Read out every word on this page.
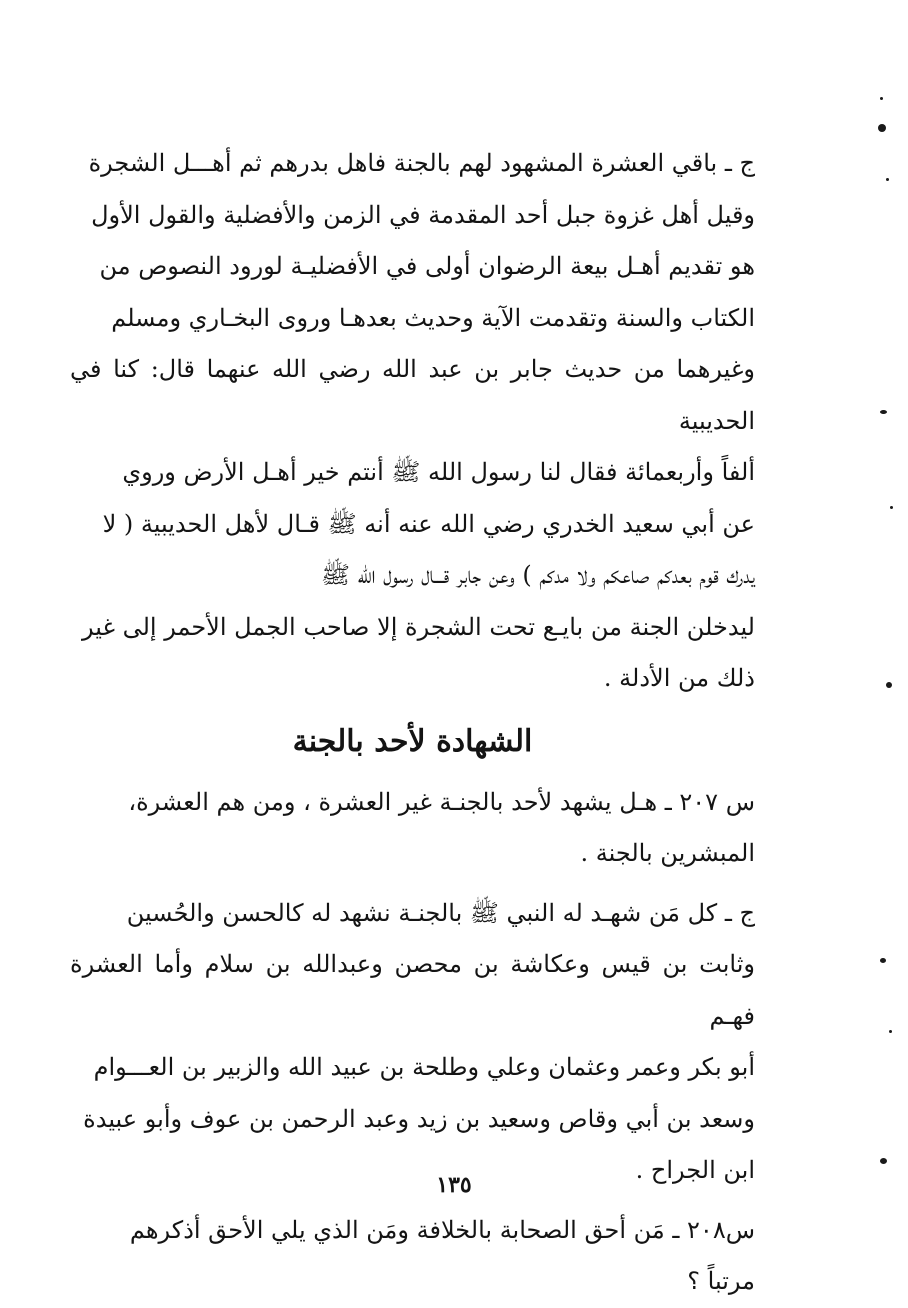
ج ـ باقي العشرة المشهود لهم بالجنة فاهل بدرهم ثم أهـــل الشجرة
وقيل أهل غزوة جبل أحد المقدمة في الزمن والأفضلية والقول الأول
هو تقديم أهـل بيعة الرضوان أولى في الأفضليـة لورود النصوص من
الكتاب والسنة وتقدمت الآية وحديث بعدهـا وروى البخـاري ومسلم
وغيرهما من حديث جابر بن عبد الله رضي الله عنهما قال: كنا في الحديبية
ألفاً وأربعمائة فقال لنا رسول الله ﷺ أنتم خير أهـل الأرض وروي
عن أبي سعيد الخدري رضي الله عنه أنه ﷺ قـال لأهل الحديبية ( لا
يدرك قوم بعدكم صاعكم ولا مدكم ) وعن جابر قـــال رسول الله ﷺ
ليدخلن الجنة من بايـع تحت الشجرة إلا صاحب الجمل الأحمر إلى غير
ذلك من الأدلة .

الشهادة لأحد بالجنة

س ٢٠٧ ـ هـل يشهد لأحد بالجنـة غير العشرة ، ومن هم العشرة،
المبشرين بالجنة .

ج ـ كل مَن شهـد له النبي ﷺ بالجنـة نشهد له كالحسن والحُسين
وثابت بن قيس وعكاشة بن محصن وعبدالله بن سلام وأما العشرة فهـم
أبو بكر وعمر وعثمان وعلي وطلحة بن عبيد الله والزبير بن العـــوام
وسعد بن أبي وقاص وسعيد بن زيد وعبد الرحمن بن عوف وأبو عبيدة
ابن الجراح .

س٢٠٨ ـ مَن أحق الصحابة بالخلافة ومَن الذي يلي الأحق أذكرهم
مرتباً ؟

١٣٥
